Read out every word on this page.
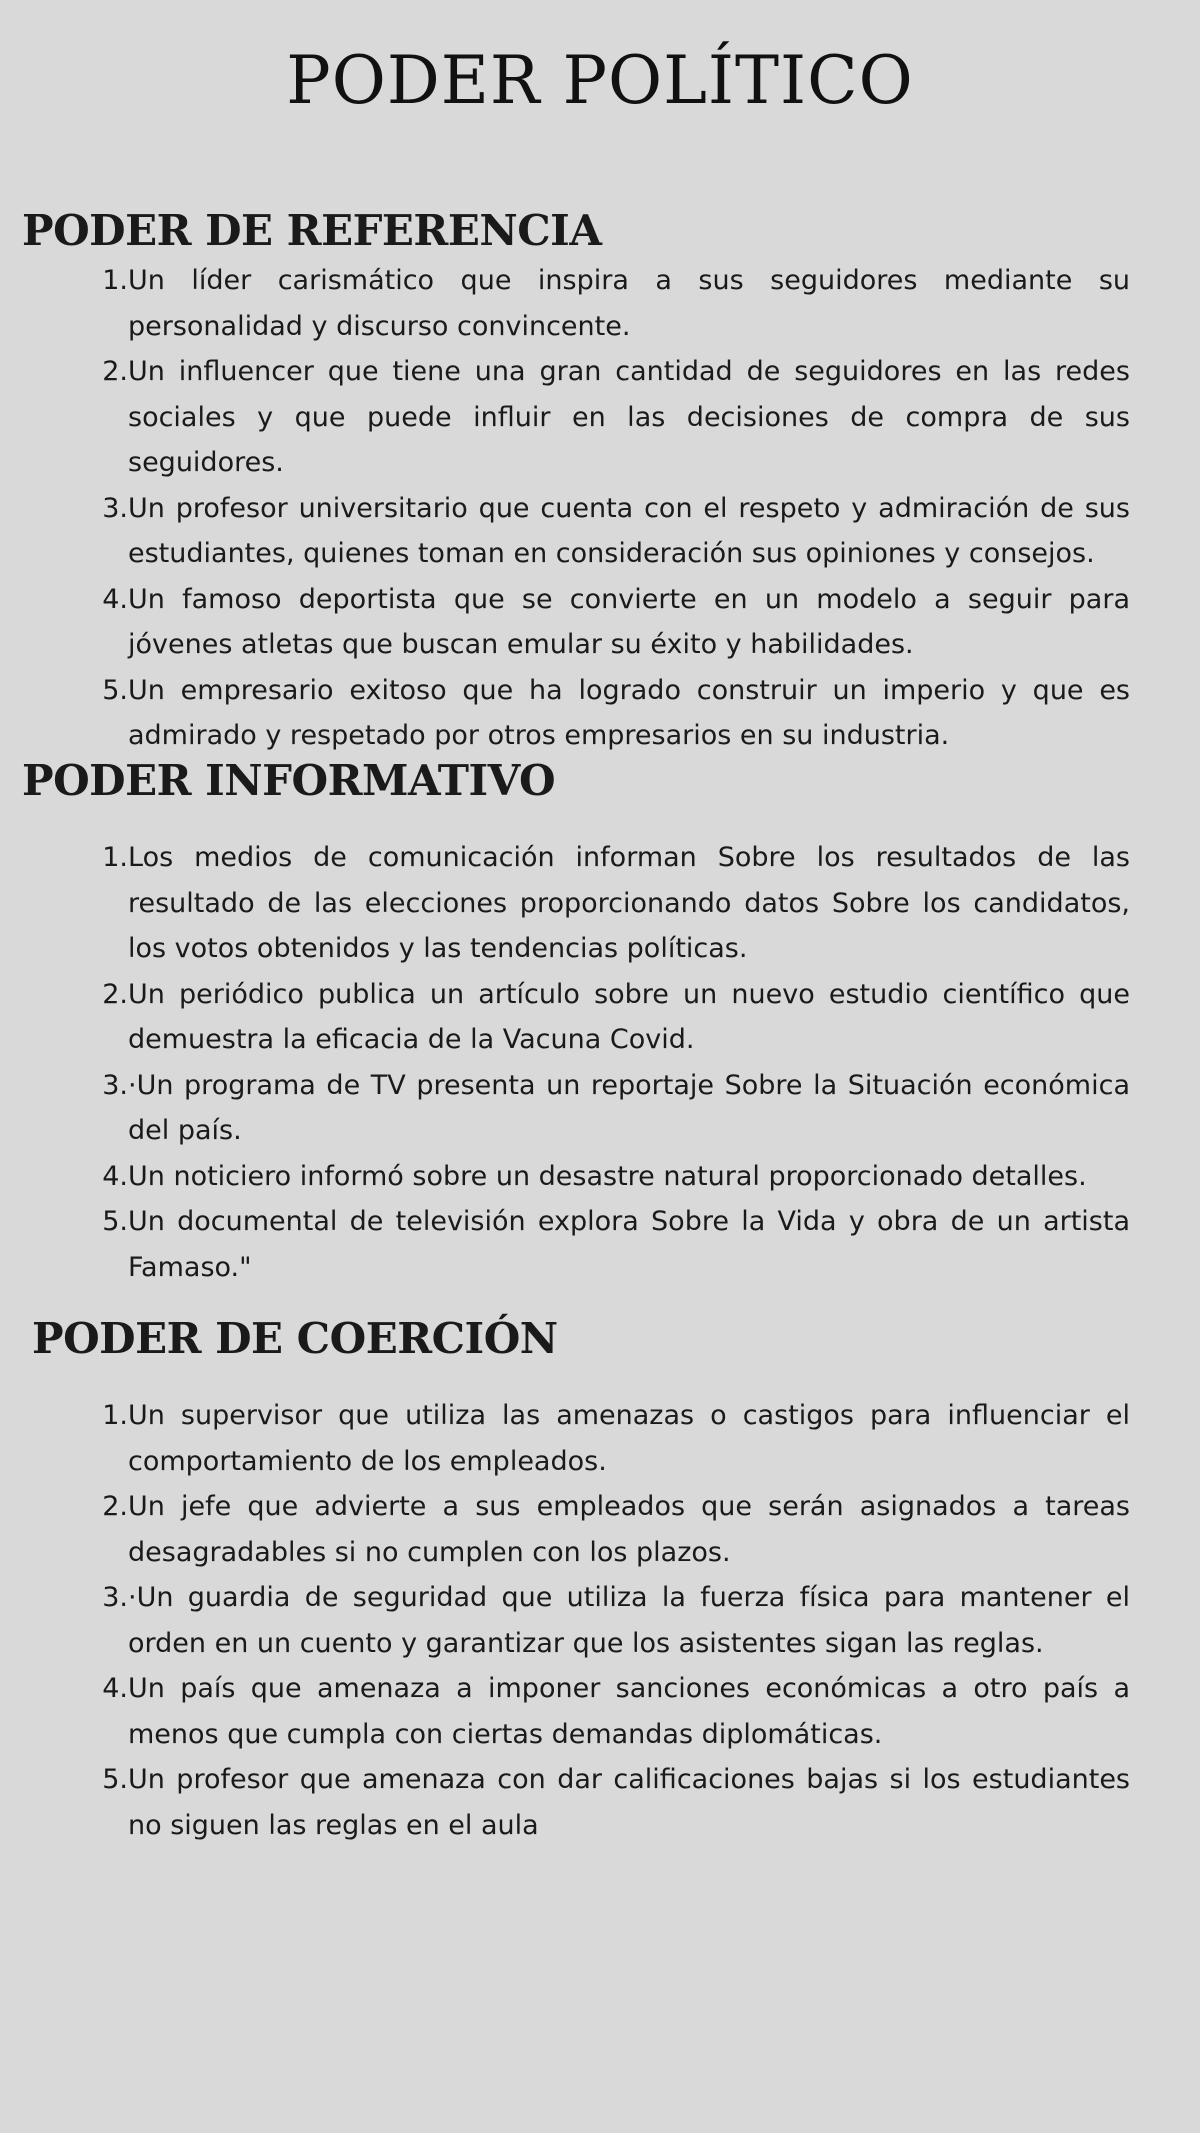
PODER POLÍTICO
PODER DE REFERENCIA
1. Un líder carismático que inspira a sus seguidores mediante su personalidad y discurso convincente.
2. Un influencer que tiene una gran cantidad de seguidores en las redes sociales y que puede influir en las decisiones de compra de sus seguidores.
3. Un profesor universitario que cuenta con el respeto y admiración de sus estudiantes, quienes toman en consideración sus opiniones y consejos.
4. Un famoso deportista que se convierte en un modelo a seguir para jóvenes atletas que buscan emular su éxito y habilidades.
5. Un empresario exitoso que ha logrado construir un imperio y que es admirado y respetado por otros empresarios en su industria.
PODER INFORMATIVO
1. Los medios de comunicación informan Sobre los resultados de las resultado de las elecciones proporcionando datos Sobre los candidatos, los votos obtenidos y las tendencias políticas.
2. Un periódico publica un artículo sobre un nuevo estudio científico que demuestra la eficacia de la Vacuna Covid.
3. ·Un programa de TV presenta un reportaje Sobre la Situación económica del país.
4. Un noticiero informó sobre un desastre natural proporcionado detalles.
5. Un documental de televisión explora Sobre la Vida y obra de un artista Famaso."
PODER DE COERCIÓN
1. Un supervisor que utiliza las amenazas o castigos para influenciar el comportamiento de los empleados.
2. Un jefe que advierte a sus empleados que serán asignados a tareas desagradables si no cumplen con los plazos.
3. ·Un guardia de seguridad que utiliza la fuerza física para mantener el orden en un cuento y garantizar que los asistentes sigan las reglas.
4. Un país que amenaza a imponer sanciones económicas a otro país a menos que cumpla con ciertas demandas diplomáticas.
5. Un profesor que amenaza con dar calificaciones bajas si los estudiantes no siguen las reglas en el aula
